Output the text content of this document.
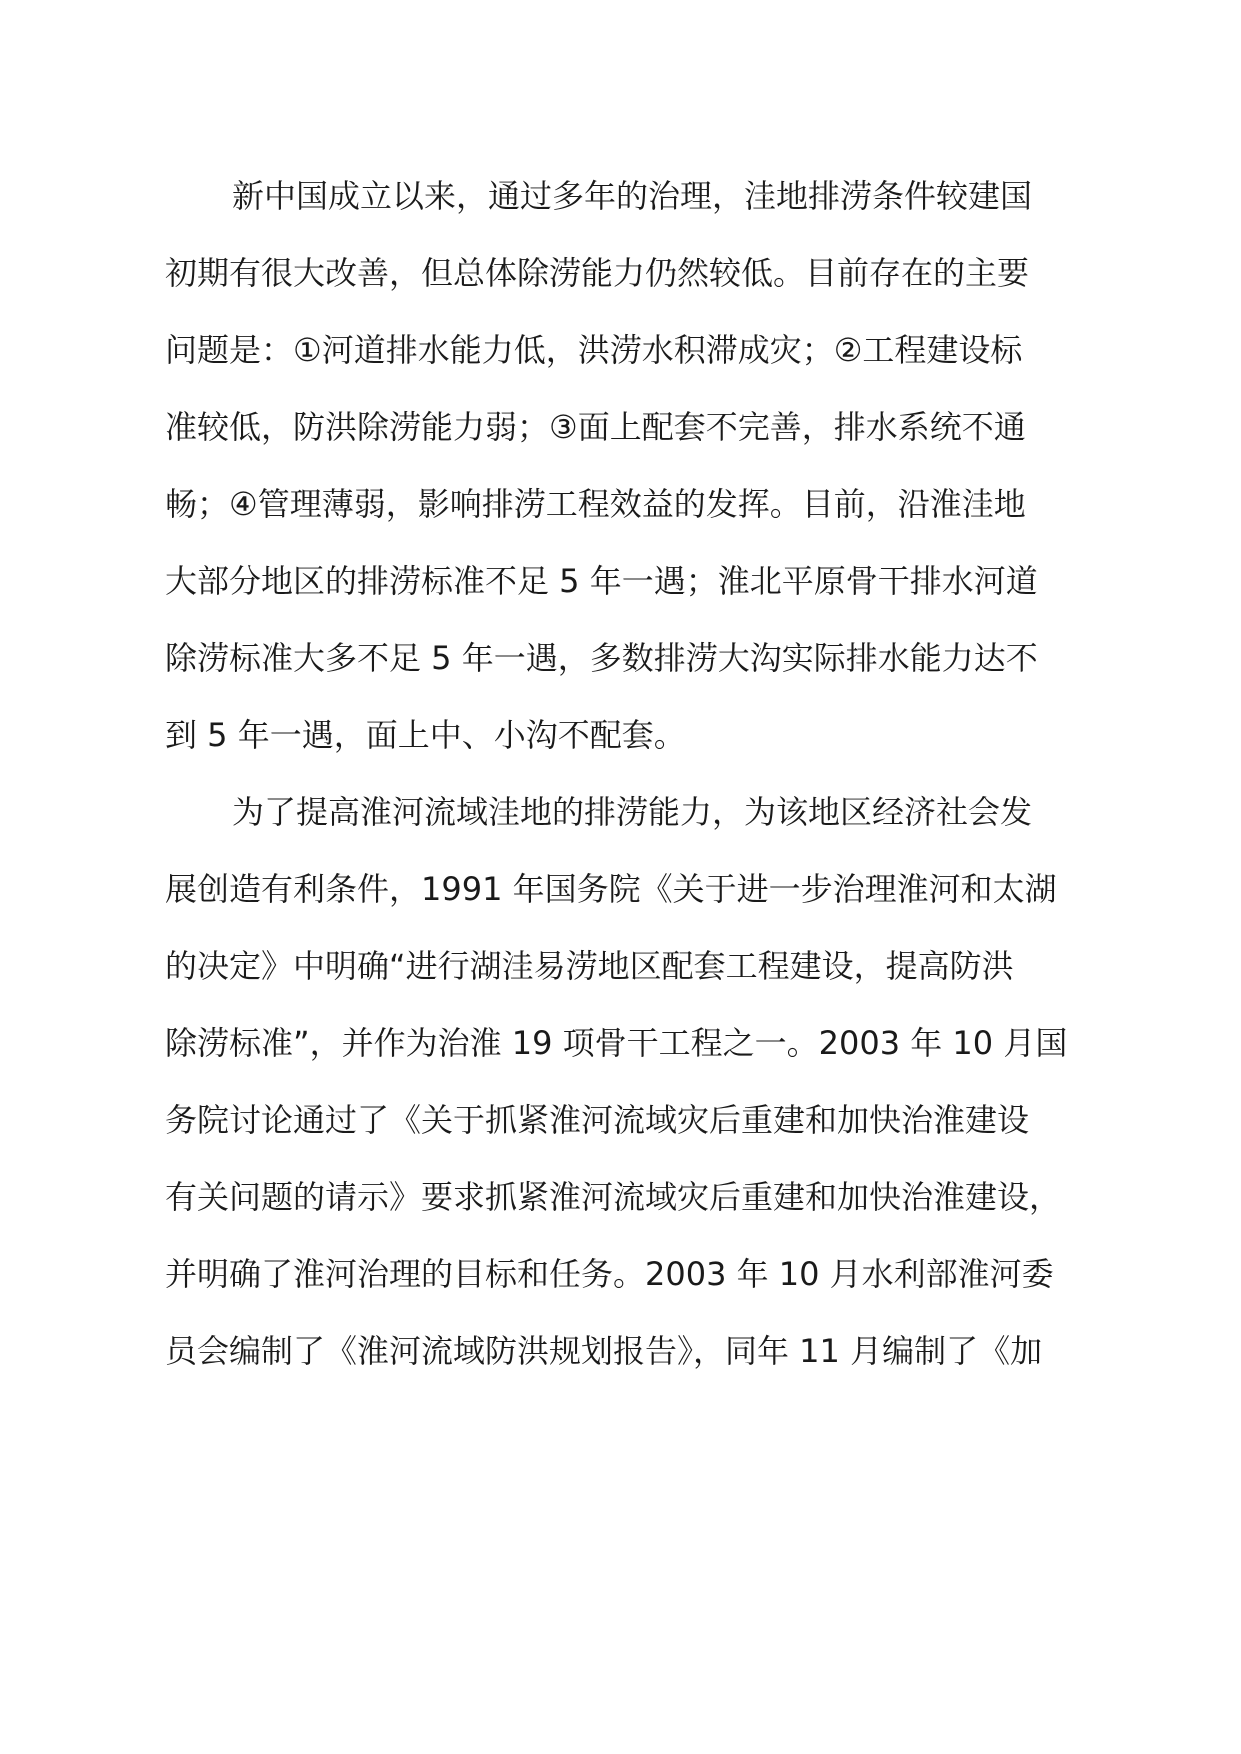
新中国成立以来，通过多年的治理，洼地排涝条件较建国
初期有很大改善，但总体除涝能力仍然较低。目前存在的主要
问题是：①河道排水能力低，洪涝水积滞成灾；②工程建设标
准较低，防洪除涝能力弱；③面上配套不完善，排水系统不通
畅；④管理薄弱，影响排涝工程效益的发挥。目前，沿淮洼地
大部分地区的排涝标准不足 5 年一遇；淮北平原骨干排水河道
除涝标准大多不足 5 年一遇，多数排涝大沟实际排水能力达不
到 5 年一遇，面上中、小沟不配套。
为了提高淮河流域洼地的排涝能力，为该地区经济社会发
展创造有利条件，1991 年国务院《关于进一步治理淮河和太湖
的决定》中明确“进行湖洼易涝地区配套工程建设，提高防洪
除涝标准”，并作为治淮 19 项骨干工程之一。2003 年 10 月国
务院讨论通过了《关于抓紧淮河流域灾后重建和加快治淮建设
有关问题的请示》要求抓紧淮河流域灾后重建和加快治淮建设，
并明确了淮河治理的目标和任务。2003 年 10 月水利部淮河委
员会编制了《淮河流域防洪规划报告》，同年 11 月编制了《加
